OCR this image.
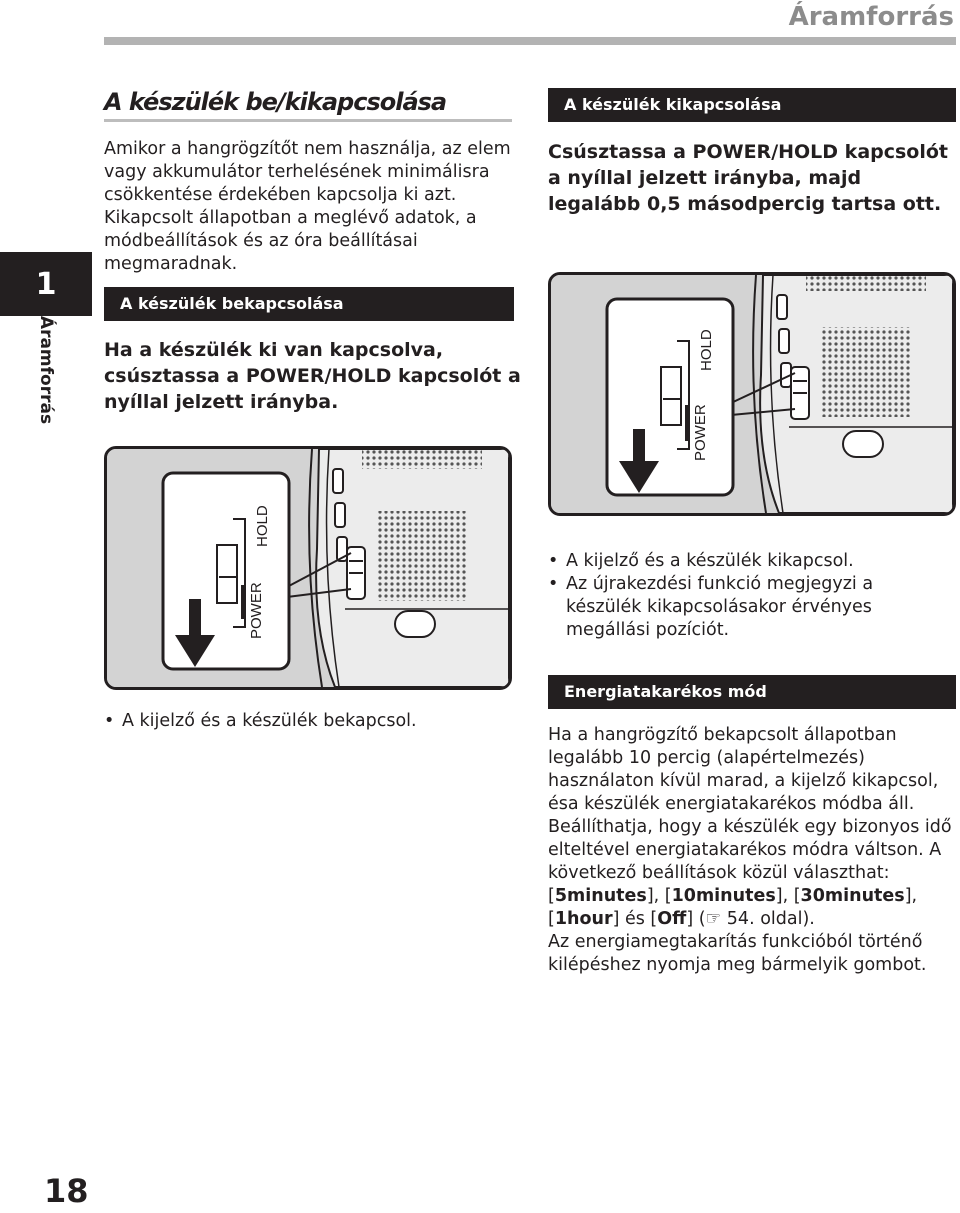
Áramforrás
1
Áramforrás
A készülék be/kikapcsolása

Amikor a hangrögzítőt nem használja, az elem vagy akkumulátor terhelésének minimálisra csökkentése érdekében kapcsolja ki azt. Kikapcsolt állapotban a meglévő adatok, a módbeállítások és az óra beállításai megmaradnak.

A készülék bekapcsolása

Ha a készülék ki van kapcsolva, csúsztassa a POWER/HOLD kapcsolót a nyíllal jelzett irányba.

POWER
HOLD
• A kijelző és a készülék bekapcsol.
A készülék kikapcsolása

Csúsztassa a POWER/HOLD kapcsolót a nyíllal jelzett irányba, majd legalább 0,5 másodpercig tartsa ott.

POWER
HOLD
• A kijelző és a készülék kikapcsol.
• Az újrakezdési funkció megjegyzi a készülék kikapcsolásakor érvényes megállási pozíciót.
Energiatakarékos mód

Ha a hangrögzítő bekapcsolt állapotban legalább 10 percig (alapértelmezés) használaton kívül marad, a kijelző kikapcsol, ésa készülék energiatakarékos módba áll. Beállíthatja, hogy a készülék egy bizonyos idő elteltével energiatakarékos módra váltson. A következő beállítások közül választhat: [5minutes], [10minutes], [30minutes], [1hour] és [Off] (☞ 54. oldal).
Az energiamegtakarítás funkcióból történő kilépéshez nyomja meg bármelyik gombot.

18
